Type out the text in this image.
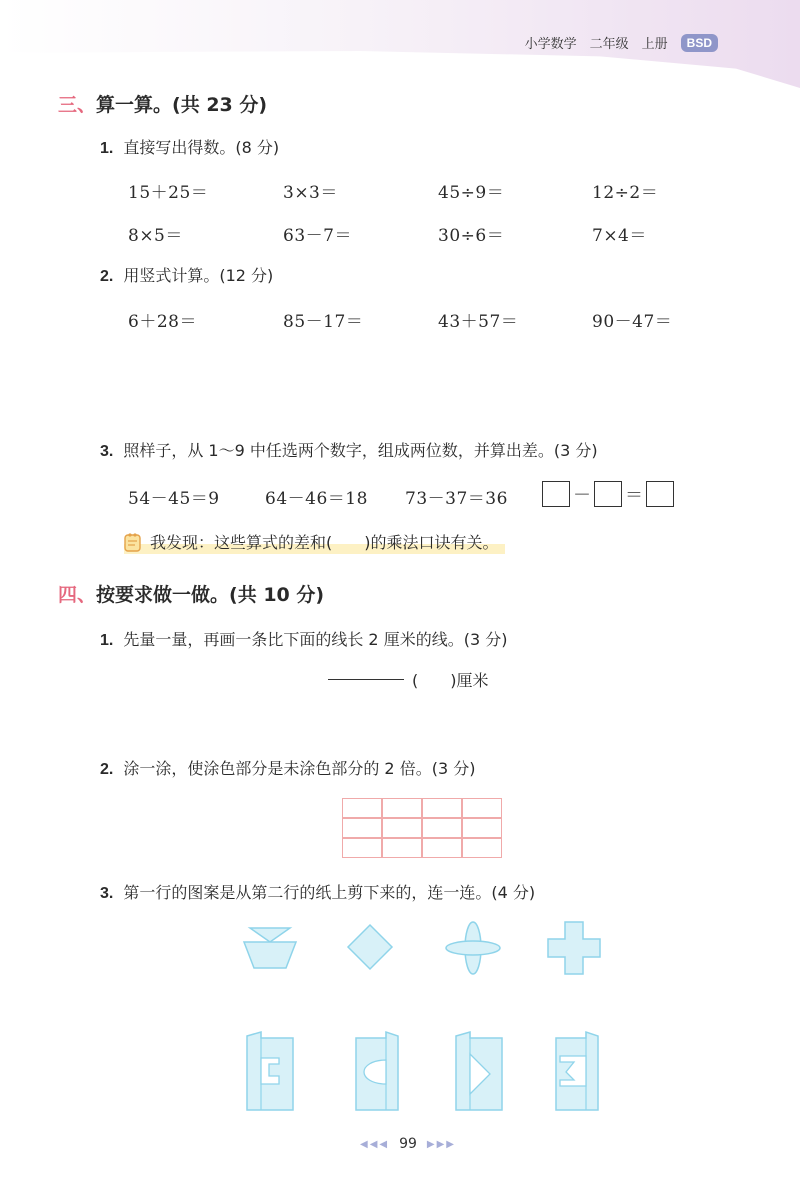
小学数学 二年级 上册	BSD
三、算一算。(共 23 分)
1. 直接写出得数。(8 分)
15＋25＝	3×3＝	45÷9＝	12÷2＝
8×5＝	63－7＝	30÷6＝	7×4＝
2. 用竖式计算。(12 分)
6＋28＝	85－17＝	43＋57＝	90－47＝
3. 照样子，从 1～9 中任选两个数字，组成两位数，并算出差。(3 分)
54－45＝9	64－46＝18 73－37＝36	－ ＝
我发现：这些算式的差和(　　)的乘法口诀有关。
四、按要求做一做。(共 10 分)
1. 先量一量，再画一条比下面的线长 2 厘米的线。(3 分)
(　　)厘米
2. 涂一涂，使涂色部分是未涂色部分的 2 倍。(3 分)
3. 第一行的图案是从第二行的纸上剪下来的，连一连。(4 分)
◀◀◀ 99 ▶▶▶
